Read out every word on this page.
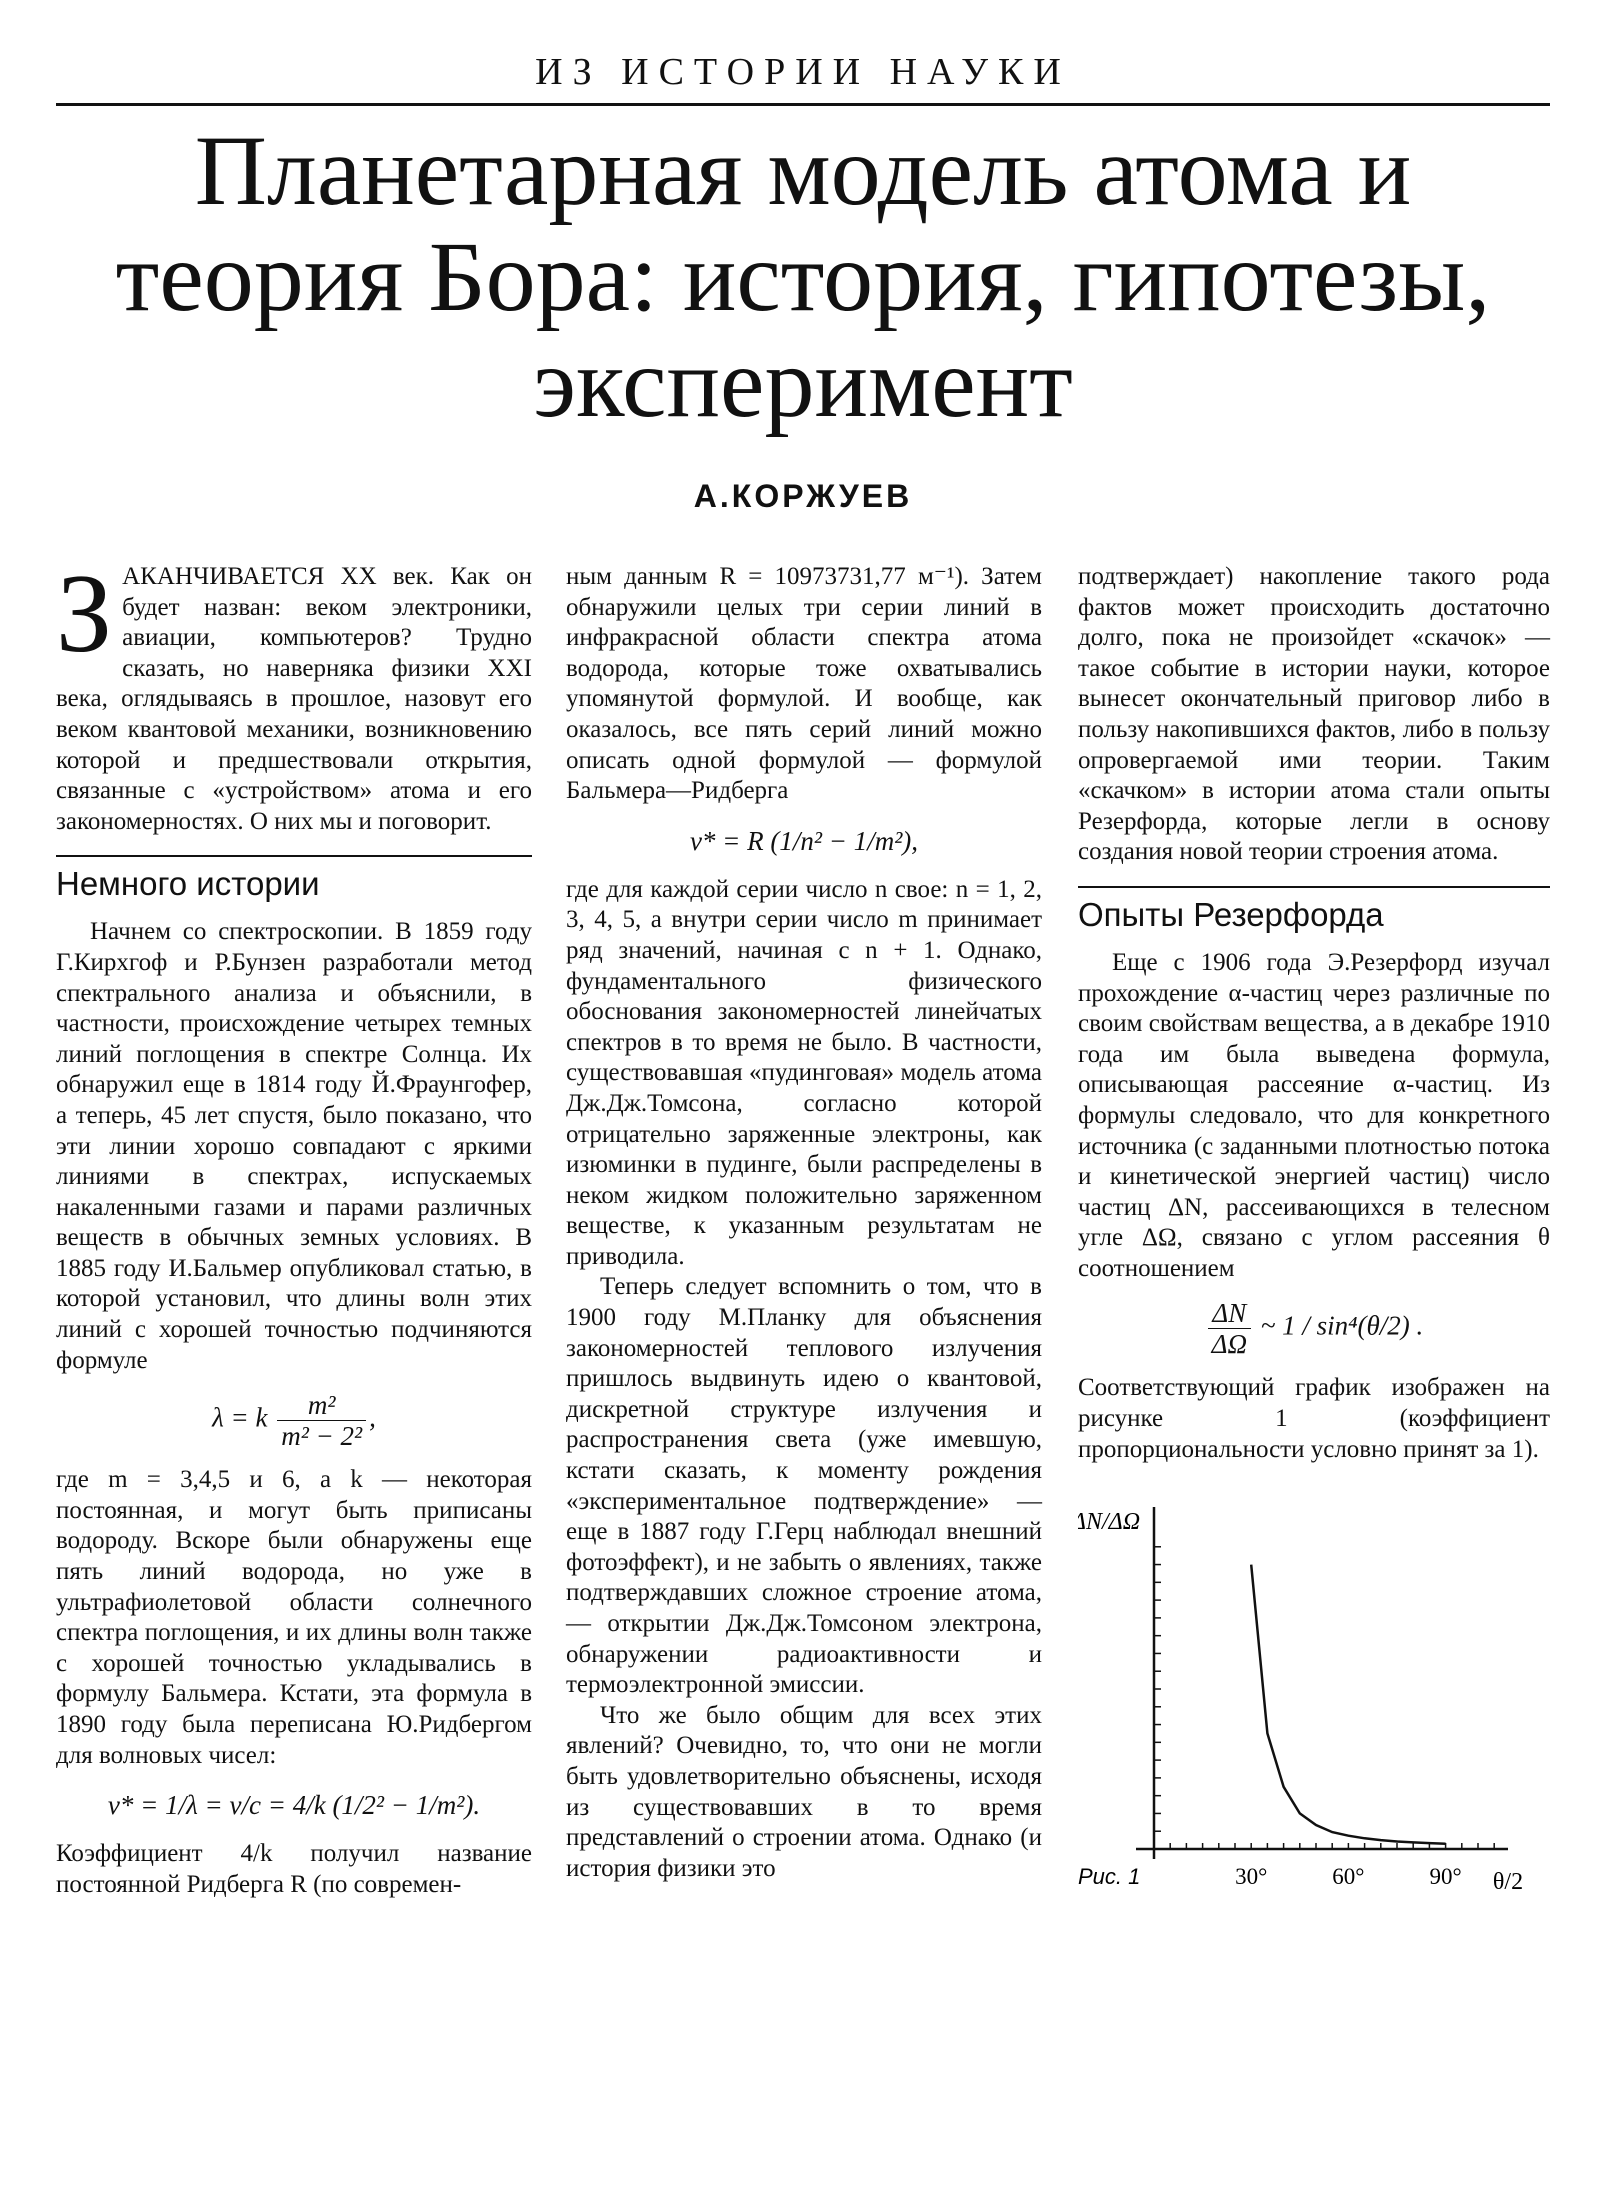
ИЗ ИСТОРИИ НАУКИ
Планетарная модель атома и теория Бора: история, гипотезы, эксперимент
А.КОРЖУЕВ

ЗАКАНЧИВАЕТСЯ XX век. Как он будет назван: веком электроники, авиации, компьютеров? Трудно сказать, но наверняка физики XXI века, оглядываясь в прошлое, назовут его веком квантовой механики, возникновению которой и предшествовали открытия, связанные с «устройством» атома и его закономерностях. О них мы и поговорит.

Немного истории

Начнем со спектроскопии. В 1859 году Г.Кирхгоф и Р.Бунзен разработали метод спектрального анализа и объяснили, в частности, происхождение четырех темных линий поглощения в спектре Солнца. Их обнаружил еще в 1814 году Й.Фраунгофер, а теперь, 45 лет спустя, было показано, что эти линии хорошо совпадают с яркими линиями в спектрах, испускаемых накаленными газами и парами различных веществ в обычных земных условиях. В 1885 году И.Бальмер опубликовал статью, в которой установил, что длины волн этих линий с хорошей точностью подчиняются формуле

λ = k $\frac{\text{m²}}{\text{m² − 2²}}$ ,

где m = 3,4,5 и 6, а k — некоторая постоянная, и могут быть приписаны водороду. Вскоре были обнаружены еще пять линий водорода, но уже в ультрафиолетовой области солнечного спектра поглощения, и их длины волн также с хорошей точностью укладывались в формулу Бальмера. Кстати, эта формула в 1890 году была переписана Ю.Ридбергом для волновых чисел:

ν* = 1/λ = ν/c = 4/k (1/2² − 1/m²).

Коэффициент 4/k получил название постоянной Ридберга R (по современ-

ным данным R = 10973731,77 м⁻¹). Затем обнаружили целых три серии линий в инфракрасной области спектра атома водорода, которые тоже охватывались упомянутой формулой. И вообще, как оказалось, все пять серий линий можно описать одной формулой — формулой Бальмера—Ридберга

ν* = R (1/n² − 1/m²),

где для каждой серии число n свое: n = 1, 2, 3, 4, 5, а внутри серии число m принимает ряд значений, начиная с n + 1. Однако, фундаментального физического обоснования закономерностей линейчатых спектров в то время не было. В частности, существовавшая «пудинговая» модель атома Дж.Дж.Томсона, согласно которой отрицательно заряженные электроны, как изюминки в пудинге, были распределены в неком жидком положительно заряженном веществе, к указанным результатам не приводила.

Теперь следует вспомнить о том, что в 1900 году М.Планку для объяснения закономерностей теплового излучения пришлось выдвинуть идею о квантовой, дискретной структуре излучения и распространения света (уже имевшую, кстати сказать, к моменту рождения «экспериментальное подтверждение» — еще в 1887 году Г.Герц наблюдал внешний фотоэффект), и не забыть о явлениях, также подтверждавших сложное строение атома, — открытии Дж.Дж.Томсоном электрона, обнаружении радиоактивности и термоэлектронной эмиссии.

Что же было общим для всех этих явлений? Очевидно, то, что они не могли быть удовлетворительно объяснены, исходя из существовавших в то время представлений о строении атома. Однако (и история физики это

подтверждает) накопление такого рода фактов может происходить достаточно долго, пока не произойдет «скачок» — такое событие в истории науки, которое вынесет окончательный приговор либо в пользу накопившихся фактов, либо в пользу опровергаемой ими теории. Таким «скачком» в истории атома стали опыты Резерфорда, которые легли в основу создания новой теории строения атома.

Опыты Резерфорда

Еще с 1906 года Э.Резерфорд изучал прохождение α-частиц через различные по своим свойствам вещества, а в декабре 1910 года им была выведена формула, описывающая рассеяние α-частиц. Из формулы следовало, что для конкретного источника (с заданными плотностью потока и кинетической энергией частиц) число частиц ΔN, рассеивающихся в телесном угле ΔΩ, связано с углом рассеяния θ соотношением

$\frac{\Delta N}{\Delta\Omega}$ ~ 1 / sin⁴(θ/2) .

Соответствующий график изображен на рисунке 1 (коэффициент пропорциональности условно принят за 1).

30°	60°	90°
ΔN/ΔΩ
θ/2
Рис. 1
